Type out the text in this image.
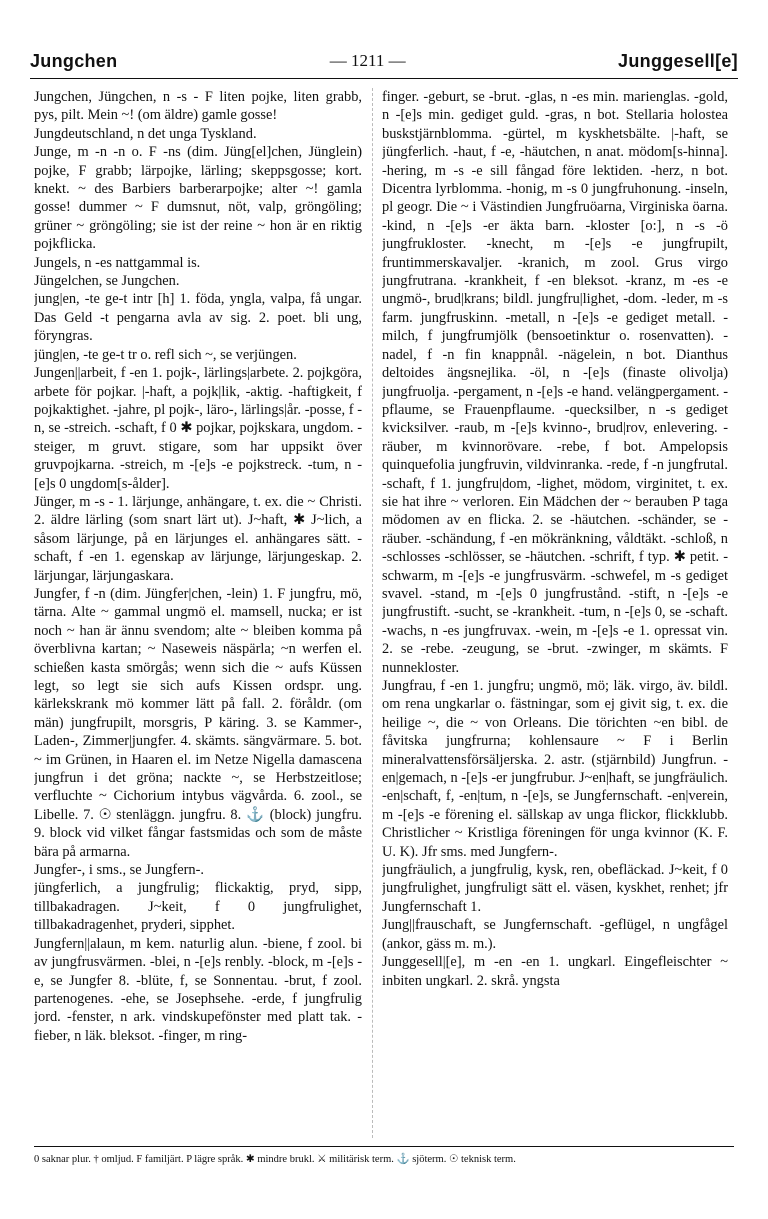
Jungchen	— 1211 —	Junggesell[e]

Jungchen, Jüngchen, n -s - F liten pojke, liten grabb, pys, pilt. Mein ~! (om äldre) gamle gosse!

Jungdeutschland, n det unga Tyskland.

Junge, m -n -n o. F -ns (dim. Jüng[el]chen, Jünglein) pojke, F grabb; lärpojke, lärling; skeppsgosse; kort. knekt. ~ des Barbiers barberarpojke; alter ~! gamla gosse! dummer ~ F dumsnut, nöt, valp, gröngöling; grüner ~ gröngöling; sie ist der reine ~ hon är en riktig pojkflicka.

Jungels, n -es nattgammal is.

Jüngelchen, se Jungchen.

jung|en, -te ge-t intr [h] 1. föda, yngla, valpa, få ungar. Das Geld -t pengarna avla av sig. 2. poet. bli ung, föryngras.

jüng|en, -te ge-t tr o. refl sich ~, se verjüngen.

Jungen||arbeit, f -en 1. pojk-, lärlings|arbete. 2. pojkgöra, arbete för pojkar. |-haft, a pojk|lik, -aktig. -haftigkeit, f pojkaktighet. -jahre, pl pojk-, läro-, lärlings|år. -posse, f -n, se -streich. -schaft, f 0 ✱ pojkar, pojkskara, ungdom. -steiger, m gruvt. stigare, som har uppsikt över gruvpojkarna. -streich, m -[e]s -e pojkstreck. -tum, n -[e]s 0 ungdom[s-ålder].

Jünger, m -s - 1. lärjunge, anhängare, t. ex. die ~ Christi. 2. äldre lärling (som snart lärt ut). J~haft, ✱ J~lich, a såsom lärjunge, på en lärjunges el. anhängares sätt. -schaft, f -en 1. egenskap av lärjunge, lärjungeskap. 2. lärjungar, lärjungaskara.

Jungfer, f -n (dim. Jüngfer|chen, -lein) 1. F jungfru, mö, tärna. Alte ~ gammal ungmö el. mamsell, nucka; er ist noch ~ han är ännu svendom; alte ~ bleiben komma på överblivna kartan; ~ Naseweis näspärla; ~n werfen el. schießen kasta smörgås; wenn sich die ~ aufs Küssen legt, so legt sie sich aufs Kissen ordspr. ung. kärlekskrank mö kommer lätt på fall. 2. föråldr. (om män) jungfrupilt, morsgris, P käring. 3. se Kammer-, Laden-, Zimmer|jungfer. 4. skämts. sängvärmare. 5. bot. ~ im Grünen, in Haaren el. im Netze Nigella damascena jungfrun i det gröna; nackte ~, se Herbstzeitlose; verfluchte ~ Cichorium intybus vägvårda. 6. zool., se Libelle. 7. ☉ stenläggn. jungfru. 8. ⚓ (block) jungfru. 9. block vid vilket fångar fastsmidas och som de måste bära på armarna.

Jungfer-, i sms., se Jungfern-.

jüngferlich, a jungfrulig; flickaktig, pryd, sipp, tillbakadragen. J~keit, f 0 jungfrulighet, tillbakadragenhet, pryderi, sipphet.

Jungfern||alaun, m kem. naturlig alun. -biene, f zool. bi av jungfrusvärmen. -blei, n -[e]s renbly. -block, m -[e]s -e, se Jungfer 8. -blüte, f, se Sonnentau. -brut, f zool. partenogenes. -ehe, se Josephsehe. -erde, f jungfrulig jord. -fenster, n ark. vindskupefönster med platt tak. -fieber, n läk. bleksot. -finger, m ring-

finger. -geburt, se -brut. -glas, n -es min. marienglas. -gold, n -[e]s min. gediget guld. -gras, n bot. Stellaria holostea buskstjärnblomma. -gürtel, m kyskhetsbälte. |-haft, se jüngferlich. -haut, f -e, -häutchen, n anat. mödom[s-hinna]. -hering, m -s -e sill fångad före lektiden. -herz, n bot. Dicentra lyrblomma. -honig, m -s 0 jungfruhonung. -inseln, pl geogr. Die ~ i Västindien Jungfruöarna, Virginiska öarna. -kind, n -[e]s -er äkta barn. -kloster [o:], n -s -ö jungfrukloster. -knecht, m -[e]s -e jungfrupilt, fruntimmerskavaljer. -kranich, m zool. Grus virgo jungfrutrana. -krankheit, f -en bleksot. -kranz, m -es -e ungmö-, brud|krans; bildl. jungfru|lighet, -dom. -leder, m -s farm. jungfruskinn. -metall, n -[e]s -e gediget metall. -milch, f jungfrumjölk (bensoetinktur o. rosenvatten). -nadel, f -n fin knappnål. -nägelein, n bot. Dianthus deltoides ängsnejlika. -öl, n -[e]s (finaste olivolja) jungfruolja. -pergament, n -[e]s -e hand. velängpergament. -pflaume, se Frauenpflaume. -quecksilber, n -s gediget kvicksilver. -raub, m -[e]s kvinno-, brud|rov, enlevering. -räuber, m kvinnorövare. -rebe, f bot. Ampelopsis quinquefolia jungfruvin, vildvinranka. -rede, f -n jungfrutal. -schaft, f 1. jungfru|dom, -lighet, mödom, virginitet, t. ex. sie hat ihre ~ verloren. Ein Mädchen der ~ berauben P taga mödomen av en flicka. 2. se -häutchen. -schänder, se -räuber. -schändung, f -en mökränkning, våldtäkt. -schloß, n -schlosses -schlösser, se -häutchen. -schrift, f typ. ✱ petit. -schwarm, m -[e]s -e jungfrusvärm. -schwefel, m -s gediget svavel. -stand, m -[e]s 0 jungfrustånd. -stift, n -[e]s -e jungfrustift. -sucht, se -krankheit. -tum, n -[e]s 0, se -schaft. -wachs, n -es jungfruvax. -wein, m -[e]s -e 1. opressat vin. 2. se -rebe. -zeugung, se -brut. -zwinger, m skämts. F nunnekloster.

Jungfrau, f -en 1. jungfru; ungmö, mö; läk. virgo, äv. bildl. om rena ungkarlar o. fästningar, som ej givit sig, t. ex. die heilige ~, die ~ von Orleans. Die törichten ~en bibl. de fåvitska jungfrurna; kohlensaure ~ F i Berlin mineralvattensförsäljerska. 2. astr. (stjärnbild) Jungfrun. -en|gemach, n -[e]s -er jungfrubur. J~en|haft, se jungfräulich. -en|schaft, f, -en|tum, n -[e]s, se Jungfernschaft. -en|verein, m -[e]s -e förening el. sällskap av unga flickor, flickklubb. Christlicher ~ Kristliga föreningen för unga kvinnor (K. F. U. K). Jfr sms. med Jungfern-.

jungfräulich, a jungfrulig, kysk, ren, obefläckad. J~keit, f 0 jungfrulighet, jungfruligt sätt el. väsen, kyskhet, renhet; jfr Jungfernschaft 1.

Jung||frauschaft, se Jungfernschaft. -geflügel, n ungfågel (ankor, gäss m. m.).

Junggesell|[e], m -en -en 1. ungkarl. Eingefleischter ~ inbiten ungkarl. 2. skrå. yngsta

0 saknar plur. † omljud. F familjärt. P lägre språk. ✱ mindre brukl. ⚔ militärisk term. ⚓ sjöterm. ☉ teknisk term.
